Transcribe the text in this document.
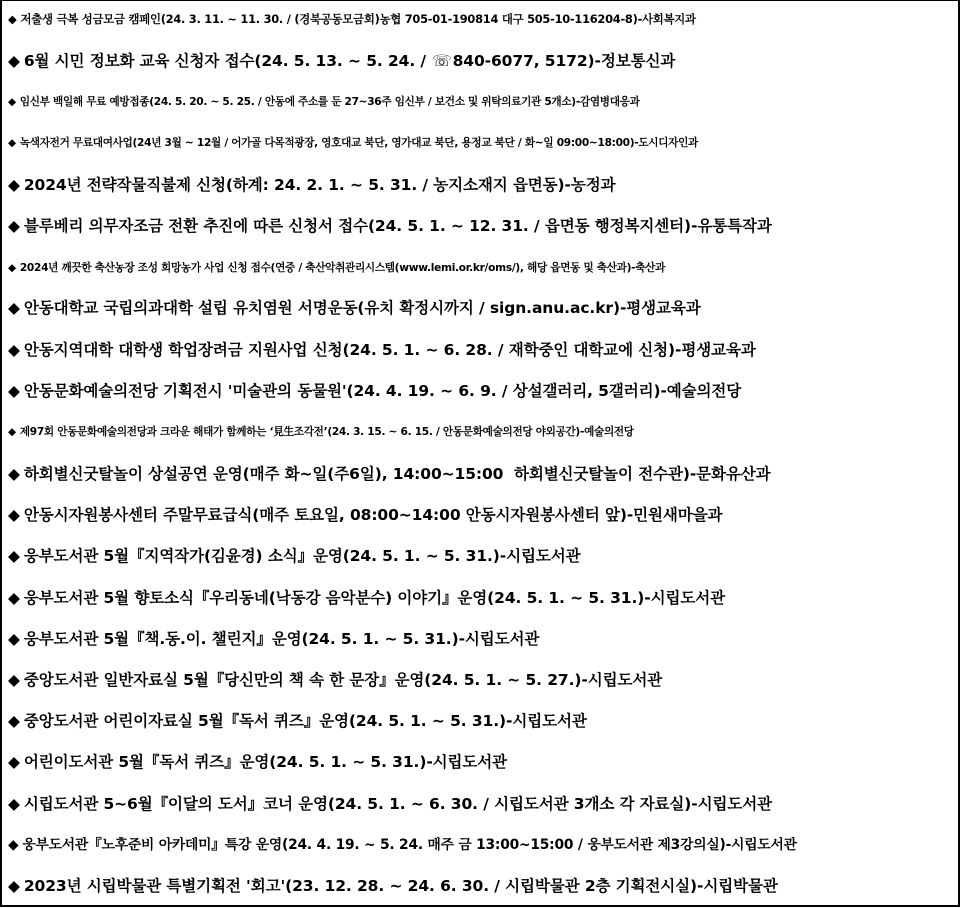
◆ 저출생 극복 성금모금 캠페인(24. 3. 11. ~ 11. 30. / (경북공동모금회)농협 705-01-190814 대구 505-10-116204-8)-사회복지과
◆ 6월 시민 정보화 교육 신청자 접수(24. 5. 13. ~ 5. 24. / ☏840-6077, 5172)-정보통신과
◆ 임신부 백일해 무료 예방접종(24. 5. 20. ~ 5. 25. / 안동에 주소를 둔 27~36주 임신부 / 보건소 및 위탁의료기관 5개소)-감염병대응과
◆ 녹색자전거 무료대여사업(24년 3월 ~ 12월 / 어가골 다목적광장, 영호대교 북단, 영가대교 북단, 용정교 북단 / 화~일 09:00~18:00)-도시디자인과
◆ 2024년 전략작물직불제 신청(하계: 24. 2. 1. ~ 5. 31. / 농지소재지 읍면동)-농정과
◆ 블루베리 의무자조금 전환 추진에 따른 신청서 접수(24. 5. 1. ~ 12. 31. / 읍면동 행정복지센터)-유통특작과
◆ 2024년 깨끗한 축산농장 조성 희망농가 사업 신청 접수(연중 / 축산악취관리시스템(www.lemi.or.kr/oms/), 해당 읍면동 및 축산과)-축산과
◆ 안동대학교 국립의과대학 설립 유치염원 서명운동(유치 확정시까지 / sign.anu.ac.kr)-평생교육과
◆ 안동지역대학 대학생 학업장려금 지원사업 신청(24. 5. 1. ~ 6. 28. / 재학중인 대학교에 신청)-평생교육과
◆ 안동문화예술의전당 기획전시 '미술관의 동물원'(24. 4. 19. ~ 6. 9. / 상설갤러리, 5갤러리)-예술의전당
◆ 제97회 안동문화예술의전당과 크라운 해태가 함께하는 ‘見生조각전’(24. 3. 15. ~ 6. 15. / 안동문화예술의전당 야외공간)-예술의전당
◆ 하회별신굿탈놀이 상설공연 운영(매주 화~일(주6일), 14:00~15:00  하회별신굿탈놀이 전수관)-문화유산과
◆ 안동시자원봉사센터 주말무료급식(매주 토요일, 08:00~14:00 안동시자원봉사센터 앞)-민원새마을과
◆ 웅부도서관 5월『지역작가(김윤경) 소식』운영(24. 5. 1. ~ 5. 31.)-시립도서관
◆ 웅부도서관 5월 향토소식『우리동네(낙동강 음악분수) 이야기』운영(24. 5. 1. ~ 5. 31.)-시립도서관
◆ 웅부도서관 5월『책.동.이. 챌린지』운영(24. 5. 1. ~ 5. 31.)-시립도서관
◆ 중앙도서관 일반자료실 5월『당신만의 책 속 한 문장』운영(24. 5. 1. ~ 5. 27.)-시립도서관
◆ 중앙도서관 어린이자료실 5월『독서 퀴즈』운영(24. 5. 1. ~ 5. 31.)-시립도서관
◆ 어린이도서관 5월『독서 퀴즈』운영(24. 5. 1. ~ 5. 31.)-시립도서관
◆ 시립도서관 5~6월『이달의 도서』코너 운영(24. 5. 1. ~ 6. 30. / 시립도서관 3개소 각 자료실)-시립도서관
◆ 웅부도서관『노후준비 아카데미』특강 운영(24. 4. 19. ~ 5. 24. 매주 금 13:00~15:00 / 웅부도서관 제3강의실)-시립도서관
◆ 2023년 시립박물관 특별기획전 '회고'(23. 12. 28. ~ 24. 6. 30. / 시립박물관 2층 기획전시실)-시립박물관
